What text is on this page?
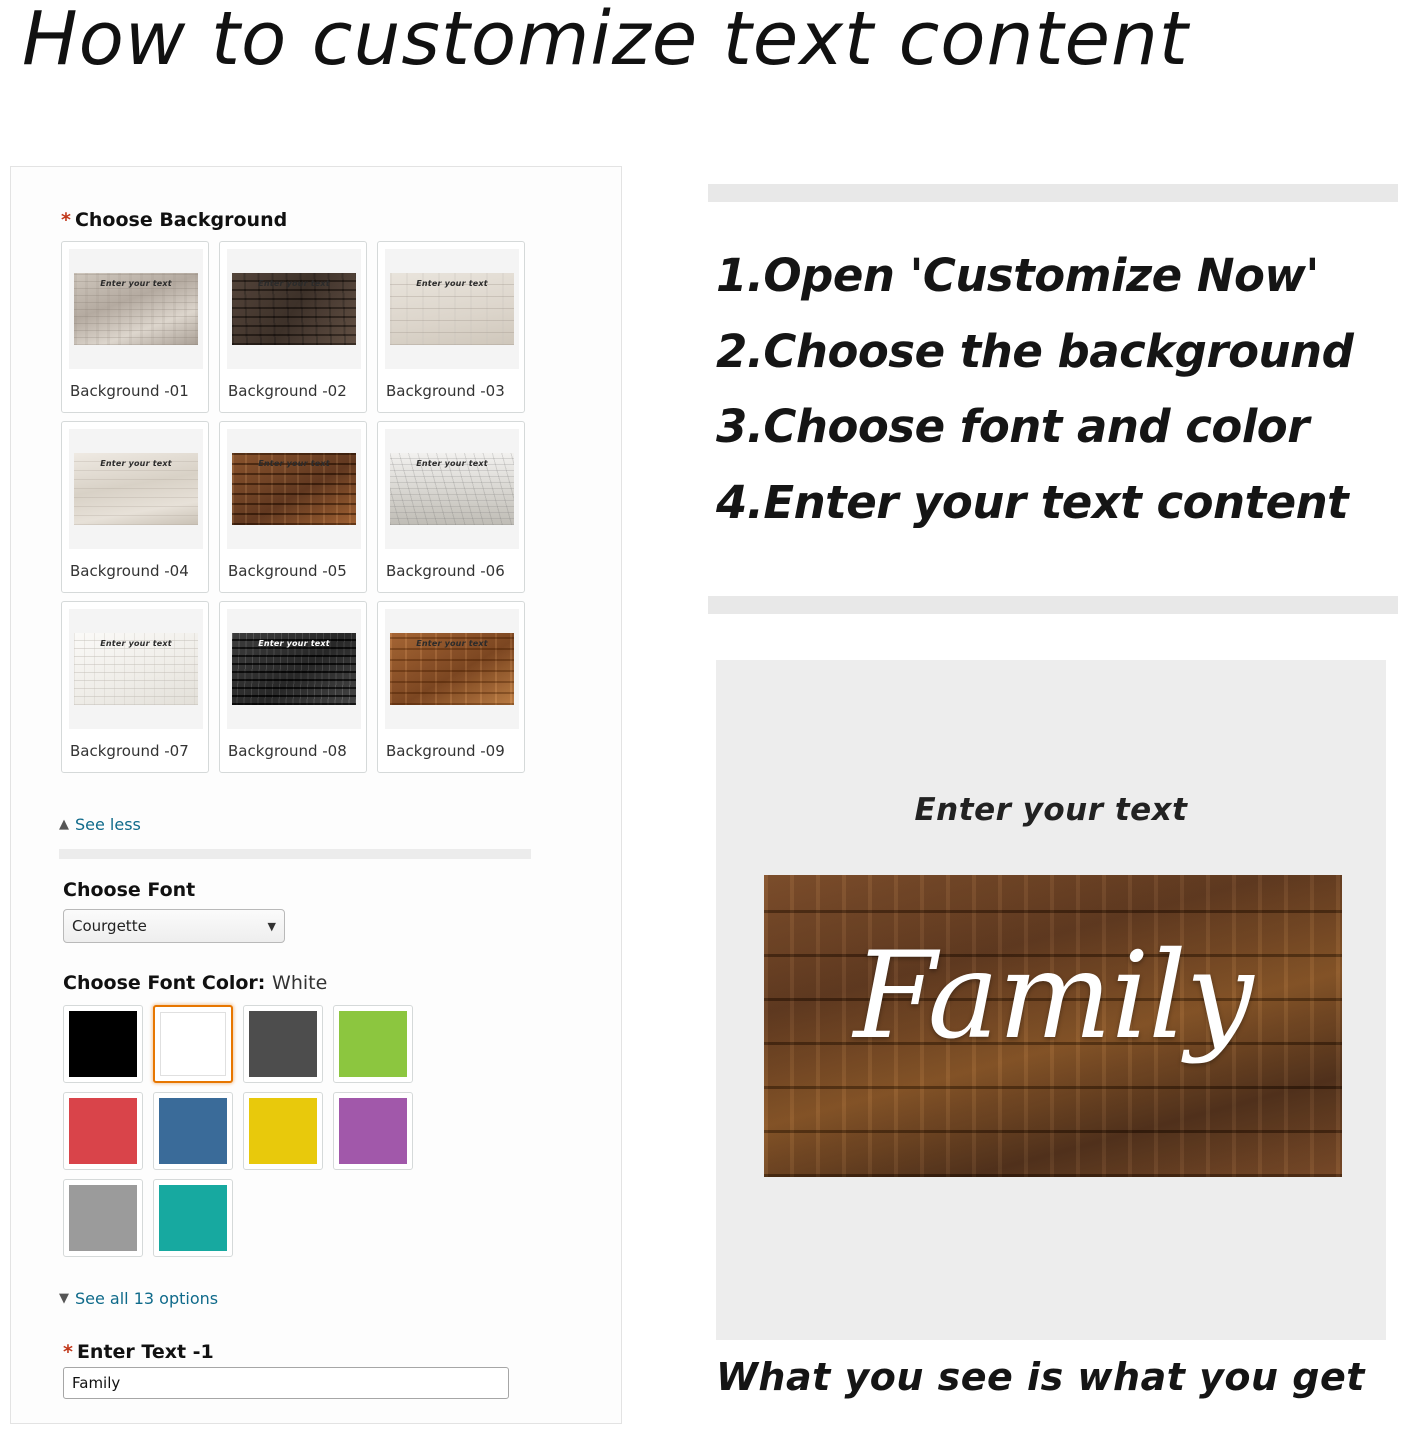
How to customize text content
* Choose Background
Enter your text
Background -01
Enter your text
Background -02
Enter your text
Background -03
Enter your text
Background -04
Enter your text
Background -05
Enter your text
Background -06
Enter your text
Background -07
Enter your text
Background -08
Enter your text
Background -09
▲ See less
Choose Font
Courgette	▼
Choose Font Color: White
▼ See all 13 options
* Enter Text -1
Family
1.Open 'Customize Now'
2.Choose the background
3.Choose font and color
4.Enter your text content
Enter your text
Family
What you see is what you get
